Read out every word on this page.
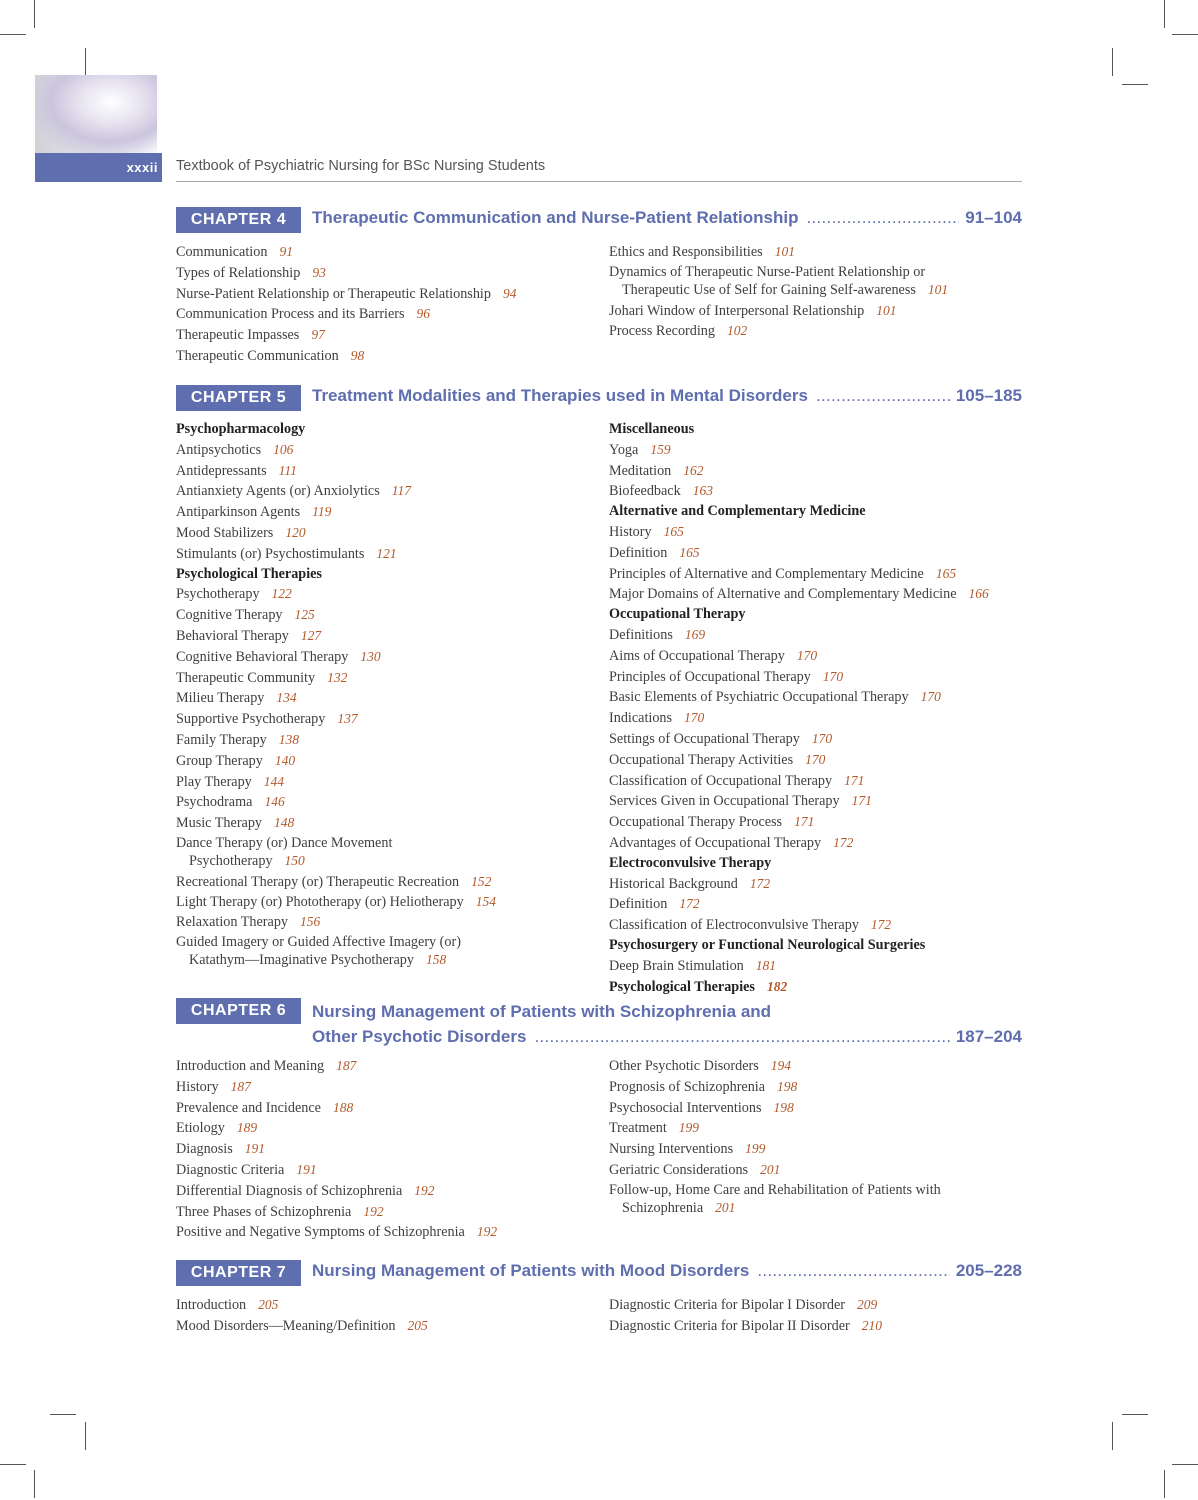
xxxii Textbook of Psychiatric Nursing for BSc Nursing Students
CHAPTER 4	Therapeutic Communication and Nurse-Patient Relationship .....	91–104
Communication 91
Types of Relationship 93
Nurse-Patient Relationship or Therapeutic Relationship 94
Communication Process and its Barriers 96
Therapeutic Impasses 97
Therapeutic Communication 98
Ethics and Responsibilities 101
Dynamics of Therapeutic Nurse-Patient Relationship or Therapeutic Use of Self for Gaining Self-awareness 101
Johari Window of Interpersonal Relationship 101
Process Recording 102
CHAPTER 5	Treatment Modalities and Therapies used in Mental Disorders .....	105–185
Psychopharmacology
Antipsychotics 106
Antidepressants 111
Antianxiety Agents (or) Anxiolytics 117
Antiparkinson Agents 119
Mood Stabilizers 120
Stimulants (or) Psychostimulants 121
Psychological Therapies
Psychotherapy 122
Cognitive Therapy 125
Behavioral Therapy 127
Cognitive Behavioral Therapy 130
Therapeutic Community 132
Milieu Therapy 134
Supportive Psychotherapy 137
Family Therapy 138
Group Therapy 140
Play Therapy 144
Psychodrama 146
Music Therapy 148
Dance Therapy (or) Dance Movement Psychotherapy 150
Recreational Therapy (or) Therapeutic Recreation 152
Light Therapy (or) Phototherapy (or) Heliotherapy 154
Relaxation Therapy 156
Guided Imagery or Guided Affective Imagery (or) Katathym—Imaginative Psychotherapy 158
Miscellaneous
Yoga 159
Meditation 162
Biofeedback 163
Alternative and Complementary Medicine
History 165
Definition 165
Principles of Alternative and Complementary Medicine 165
Major Domains of Alternative and Complementary Medicine 166
Occupational Therapy
Definitions 169
Aims of Occupational Therapy 170
Principles of Occupational Therapy 170
Basic Elements of Psychiatric Occupational Therapy 170
Indications 170
Settings of Occupational Therapy 170
Occupational Therapy Activities 170
Classification of Occupational Therapy 171
Services Given in Occupational Therapy 171
Occupational Therapy Process 171
Advantages of Occupational Therapy 172
Electroconvulsive Therapy
Historical Background 172
Definition 172
Classification of Electroconvulsive Therapy 172
Psychosurgery or Functional Neurological Surgeries
Deep Brain Stimulation 181
Psychological Therapies 182
CHAPTER 6	Nursing Management of Patients with Schizophrenia and
Other Psychotic Disorders .....	187–204
Introduction and Meaning 187
History 187
Prevalence and Incidence 188
Etiology 189
Diagnosis 191
Diagnostic Criteria 191
Differential Diagnosis of Schizophrenia 192
Three Phases of Schizophrenia 192
Positive and Negative Symptoms of Schizophrenia 192
Other Psychotic Disorders 194
Prognosis of Schizophrenia 198
Psychosocial Interventions 198
Treatment 199
Nursing Interventions 199
Geriatric Considerations 201
Follow-up, Home Care and Rehabilitation of Patients with Schizophrenia 201
CHAPTER 7	Nursing Management of Patients with Mood Disorders .....	205–228
Introduction 205
Mood Disorders—Meaning/Definition 205
Diagnostic Criteria for Bipolar I Disorder 209
Diagnostic Criteria for Bipolar II Disorder 210
